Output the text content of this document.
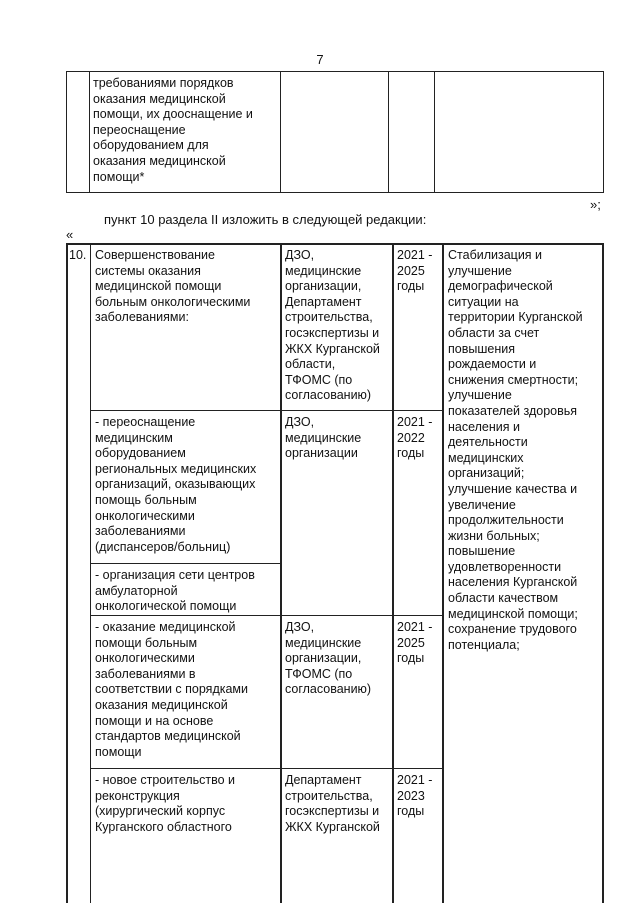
7
требованиями порядков
оказания медицинской
помощи, их дооснащение и
переоснащение
оборудованием для
оказания медицинской
помощи*
»;
пункт 10 раздела II изложить в следующей редакции:
«
10. Совершенствование
системы оказания
медицинской помощи
больным онкологическими
заболеваниями:
ДЗО,
медицинские
организации,
Департамент
строительства,
госэкспертизы и
ЖКХ Курганской
области,
ТФОМС (по
согласованию)
2021 -
2025
годы
- переоснащение
медицинским
оборудованием
региональных медицинских
организаций, оказывающих
помощь больным
онкологическими
заболеваниями
(диспансеров/больниц)
ДЗО,
медицинские
организации
2021 -
2022
годы
- организация сети центров
амбулаторной
онкологической помощи
- оказание медицинской
помощи больным
онкологическими
заболеваниями в
соответствии с порядками
оказания медицинской
помощи и на основе
стандартов медицинской
помощи
ДЗО,
медицинские
организации,
ТФОМС (по
согласованию)
2021 -
2025
годы
- новое строительство и
реконструкция
(хирургический корпус
Курганского областного
Департамент
строительства,
госэкспертизы и
ЖКХ Курганской
2021 -
2023
годы
Стабилизация и
улучшение
демографической
ситуации на
территории Курганской
области за счет
повышения
рождаемости и
снижения смертности;
улучшение
показателей здоровья
населения и
деятельности
медицинских
организаций;
улучшение качества и
увеличение
продолжительности
жизни больных;
повышение
удовлетворенности
населения Курганской
области качеством
медицинской помощи;
сохранение трудового
потенциала;
